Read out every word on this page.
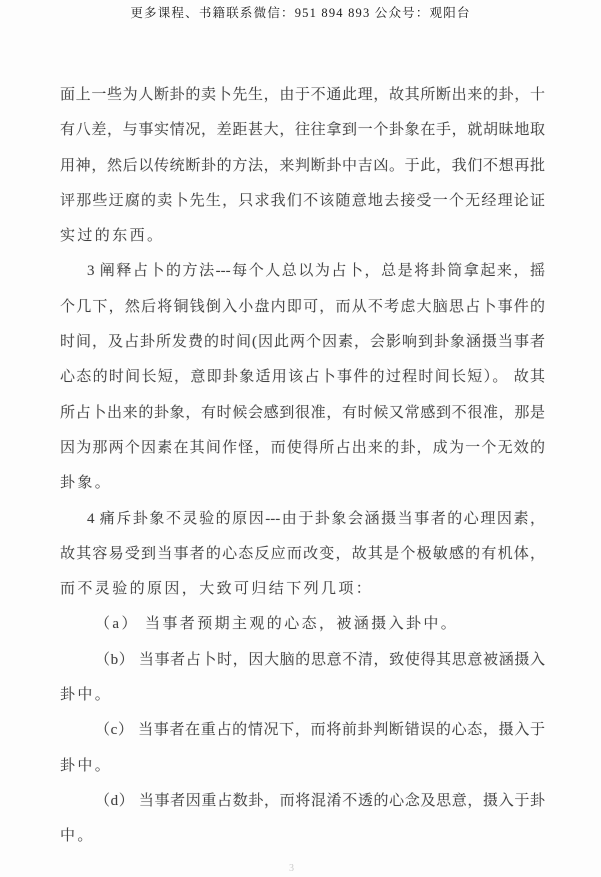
更多课程、书籍联系微信：951 894 893 公众号：观阳台
面上一些为人断卦的卖卜先生，由于不通此理，故其所断出来的卦，十
有八差，与事实情况，差距甚大，往往拿到一个卦象在手，就胡昧地取
用神，然后以传统断卦的方法，来判断卦中吉凶。于此，我们不想再批
评那些迂腐的卖卜先生，只求我们不该随意地去接受一个无经理论证
实过的东西。
3 阐释占卜的方法---每个人总以为占卜，总是将卦筒拿起来，摇
个几下，然后将铜钱倒入小盘内即可，而从不考虑大脑思占卜事件的
时间，及占卦所发费的时间(因此两个因素，会影响到卦象涵摄当事者
心态的时间长短，意即卦象适用该占卜事件的过程时间长短）。 故其
所占卜出来的卦象，有时候会感到很准，有时候又常感到不很准，那是
因为那两个因素在其间作怪，而使得所占出来的卦，成为一个无效的
卦象。
4 痛斥卦象不灵验的原因---由于卦象会涵摄当事者的心理因素，
故其容易受到当事者的心态反应而改变，故其是个极敏感的有机体，
而不灵验的原因，大致可归结下列几项：
（a） 当事者预期主观的心态，被涵摄入卦中。
（b） 当事者占卜时，因大脑的思意不清，致使得其思意被涵摄入
卦中。
（c） 当事者在重占的情况下，而将前卦判断错误的心态，摄入于
卦中。
（d） 当事者因重占数卦，而将混淆不透的心念及思意，摄入于卦
中。
3
